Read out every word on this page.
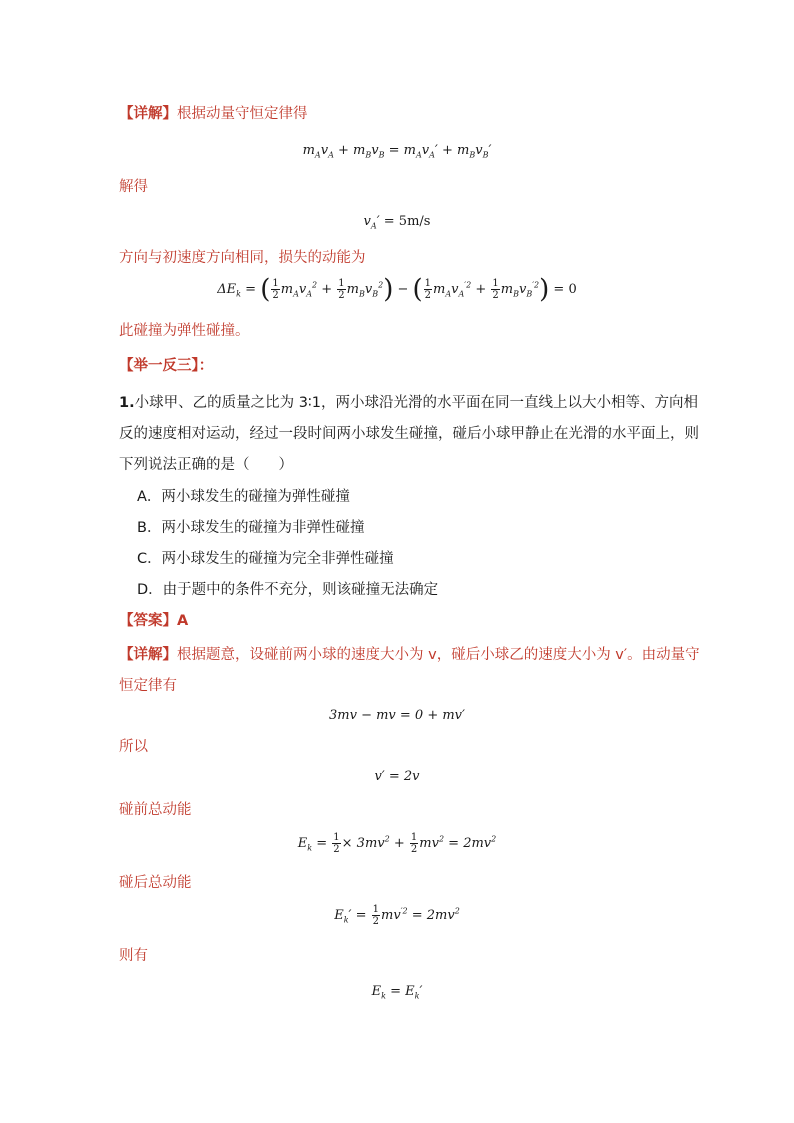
【详解】根据动量守恒定律得
$m_Av_A + m_Bv_B = m_Av_A' + m_Bv_B'$
解得
$v_A' = 5m/s$
方向与初速度方向相同，损失的动能为
$\Delta E_k$ = ( $\frac{1}{2} m_Av_A^2 + \frac{1}{2} m_Bv_B^2$) − ( $\frac{1}{2} m_Av_A^{'2} + \frac{1}{2} m_Bv_B^{'2}) = 0$
此碰撞为弹性碰撞。
【举一反三】：
1.小球甲、乙的质量之比为 3∶1，两小球沿光滑的水平面在同一直线上以大小相等、方向相
反的速度相对运动，经过一段时间两小球发生碰撞，碰后小球甲静止在光滑的水平面上，则
下列说法正确的是（　　）
A．两小球发生的碰撞为弹性碰撞
B．两小球发生的碰撞为非弹性碰撞
C．两小球发生的碰撞为完全非弹性碰撞
D．由于题中的条件不充分，则该碰撞无法确定
【答案】A
【详解】根据题意，设碰前两小球的速度大小为 v，碰后小球乙的速度大小为 v′。由动量守
恒定律有
3mv − mv = 0 + mv′
所以
v′ = 2v
碰前总动能
$E_k = \frac{1}{2} \times 3mv^2 + \frac{1}{2} mv^2 = 2mv^2$
碰后总动能
$E_k' = \frac{1}{2} mv^{'2} = 2mv^2$
则有
$E_k = E_k'$
